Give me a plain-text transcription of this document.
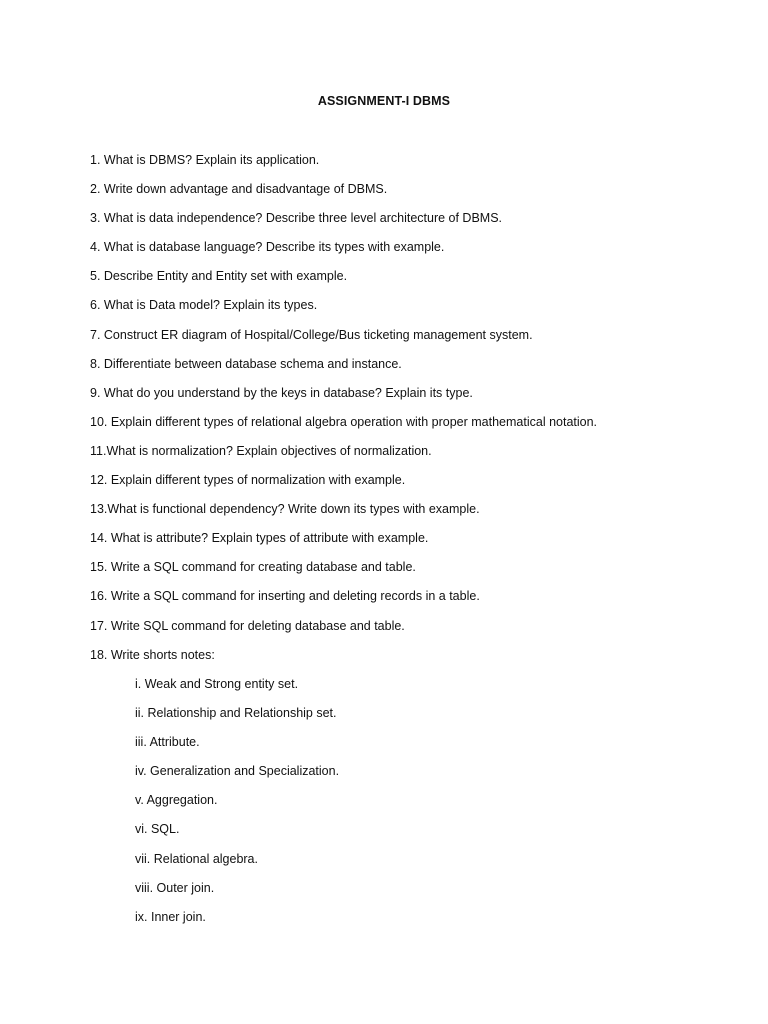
ASSIGNMENT-I DBMS
1. What is DBMS? Explain its application.
2. Write down advantage and disadvantage of DBMS.
3. What is data independence? Describe three level architecture of DBMS.
4. What is database language? Describe its types with example.
5. Describe Entity and Entity set with example.
6. What is Data model? Explain its types.
7. Construct ER diagram of Hospital/College/Bus ticketing management system.
8. Differentiate between database schema and instance.
9. What do you understand by the keys in database? Explain its type.
10. Explain different types of relational algebra operation with proper mathematical notation.
11.What is normalization? Explain objectives of normalization.
12. Explain different types of normalization with example.
13.What is functional dependency? Write down its types with example.
14. What is attribute? Explain types of attribute with example.
15. Write a SQL command for creating database and table.
16. Write a SQL command for inserting and deleting records in a table.
17. Write SQL command for deleting database and table.
18. Write shorts notes:
i. Weak and Strong entity set.
ii. Relationship and Relationship set.
iii. Attribute.
iv. Generalization and Specialization.
v. Aggregation.
vi. SQL.
vii. Relational algebra.
viii. Outer join.
ix. Inner join.
